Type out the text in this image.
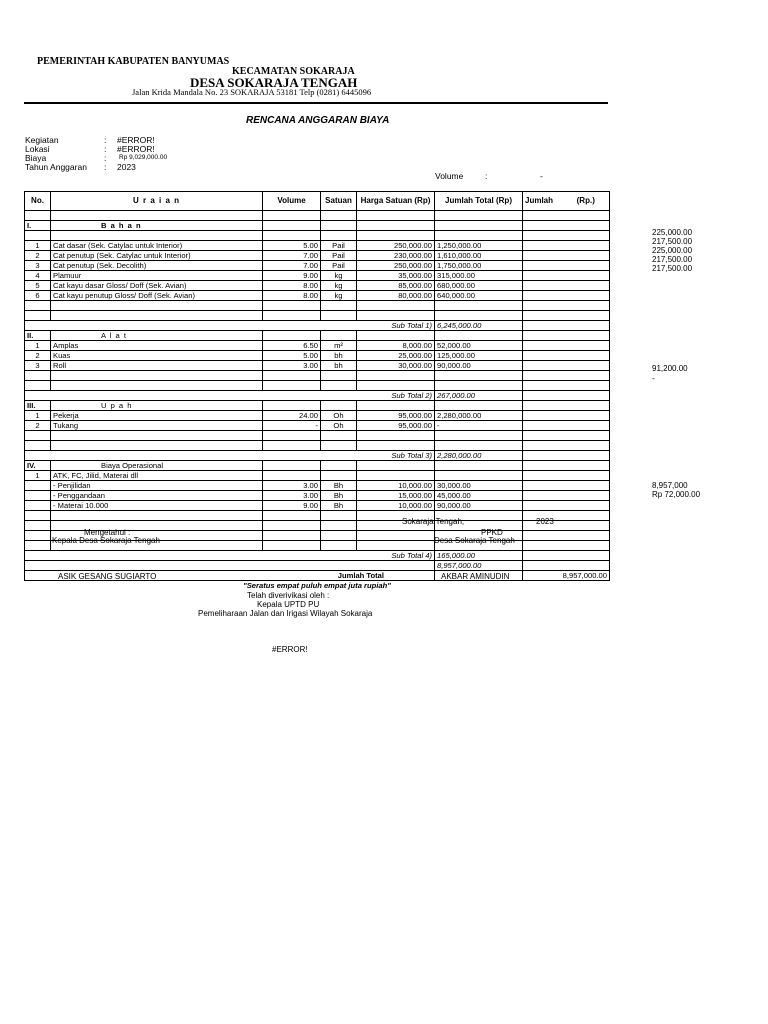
PEMERINTAH KABUPATEN BANYUMAS
KECAMATAN SOKARAJA
DESA SOKARAJA TENGAH
Jalan Krida Mandala No. 23 SOKARAJA 53181 Telp (0281) 6445096
RENCANA ANGGARAN BIAYA
Kegiatan	: #ERROR!
Lokasi	: #ERROR!
Biaya	: Rp 9,029,000.00
Tahun Anggaran : 2023
Volume	:	-
No.	U r a i a n	Volume	Satuan	Harga Satuan (Rp)	Jumlah Total (Rp)	Jumlah	(Rp.)

I.	B a h a n						

1	Cat dasar (Sek. Catylac untuk Interior)	5.00	Pail	250,000.00	1,250,000.00		
2	Cat penutup (Sek. Catylac untuk Interior)	7.00	Pail	230,000.00	1,610,000.00		
3	Cat penutup (Sek. Decolith)	7.00	Pail	250,000.00	1,750,000.00		
4	Plamuur	9.00	kg	35,000.00	315,000.00		
5	Cat kayu dasar Gloss/ Doff (Sek. Avian)	8.00	kg	85,000.00	680,000.00		
6	Cat kayu penutup Gloss/ Doff (Sek. Avian)	8.00	kg	80,000.00	640,000.00		

Sub Total 1)					6,245,000.00		
II.	A l a t						
1	Amplas	6.50	m²	8,000.00	52,000.00		
2	Kuas	5.00	bh	25,000.00	125,000.00		
3	Roll	3.00	bh	30,000.00	90,000.00		

Sub Total 2)					267,000.00		
III.	U p a h						
1	Pekerja	24.00	Oh	95,000.00	2,280,000.00		
2	Tukang	-	Oh	95,000.00	-		

Sub Total 3)					2,280,000.00		
IV.	Biaya Operasional						
1	ATK, FC, Jilid, Materai dll						
	- Penjilidan	3.00	Bh	10,000.00	30,000.00		
	- Penggandaan	3.00	Bh	15,000.00	45,000.00		
	- Materai 10.000	9.00	Bh	10,000.00	90,000.00		

Sub Total 4)					165,000.00		
					8,957,000.00		
Jumlah Total						8,957,000.00	
"Seratus empat puluh empat juta rupiah"							
225,000.00
217,500.00
225,000.00
217,500.00
217,500.00
91,200.00
-
8,957,000
Rp 72,000.00
Sokaraja Tengah,	2023
Mengetahui :	PPKD
Kepala Desa Sokaraja Tengah	Desa Sokaraja Tengah
ASIK GESANG SUGIARTO	AKBAR AMINUDIN
Telah diverivikasi oleh :
Kepala UPTD PU
Pemeliharaan Jalan dan Irigasi Wilayah Sokaraja
#ERROR!
